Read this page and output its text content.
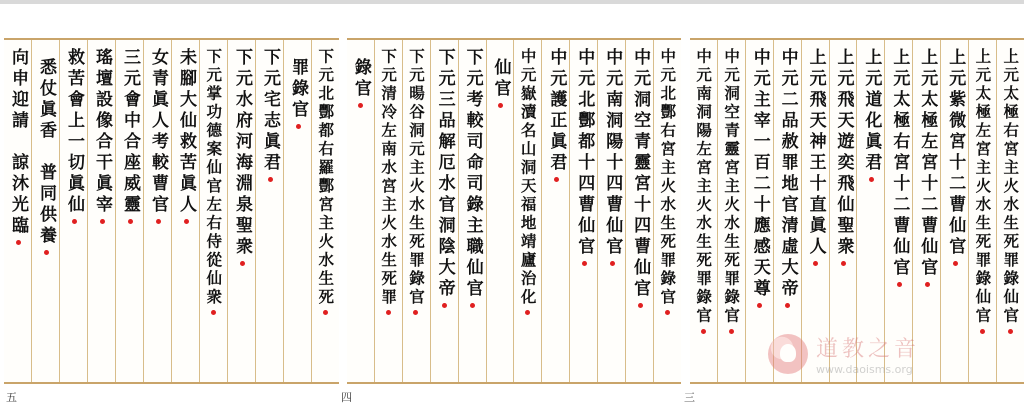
下元北酆都右羅酆宮主火水生死
罪錄官
下元宅志眞君
下元水府河海淵泉聖衆
下元掌功德案仙官左右侍從仙衆
未腳大仙救苦眞人
女青眞人考較曹官
三元會中合座威靈
瑤壇設像合干眞宰
救苦會上一切眞仙
悉仗眞香　普同供養
向申迎請　諒沐光臨	中元北酆右宮主火水生死罪錄官
中元洞空青靈宮十四曹仙官
中元南洞陽十四曹仙官
中元北酆都十四曹仙官
中元護正眞君
中元嶽瀆名山洞天福地靖廬治化
仙官
下元考較司命司錄主職仙官
下元三品解厄水官洞陰大帝
下元暘谷洞元主火水生死罪錄官
下元清冷左南水宮主火水生死罪
錄官	上元太極右宮主火水生死罪錄仙官
上元太極左宮主火水生死罪錄仙官
上元紫微宮十二曹仙官
上元太極左宮十二曹仙官
上元太極右宮十二曹仙官
上元道化眞君
上元飛天遊奕飛仙聖衆
上元飛天神王十直眞人
中元二品赦罪地官清虛大帝
中元主宰一百二十應感天尊
中元洞空青靈宮主火水生死罪錄官
中元南洞陽左宮主火水生死罪錄官
五	四	三
道教之音
www.daoisms.org
